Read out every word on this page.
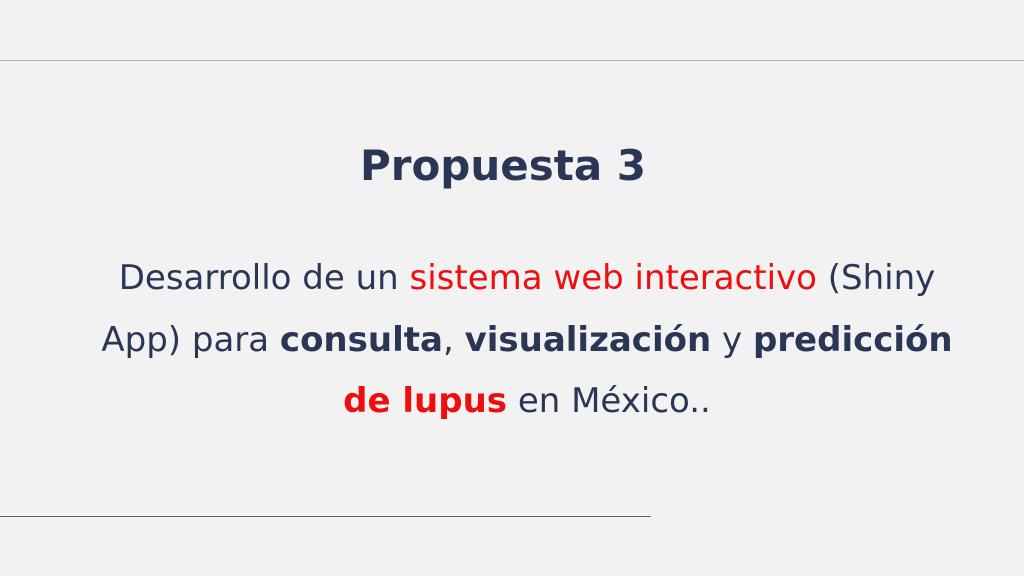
Propuesta 3
Desarrollo de un sistema web interactivo (Shiny App) para consulta, visualización y predicción de lupus en México..
